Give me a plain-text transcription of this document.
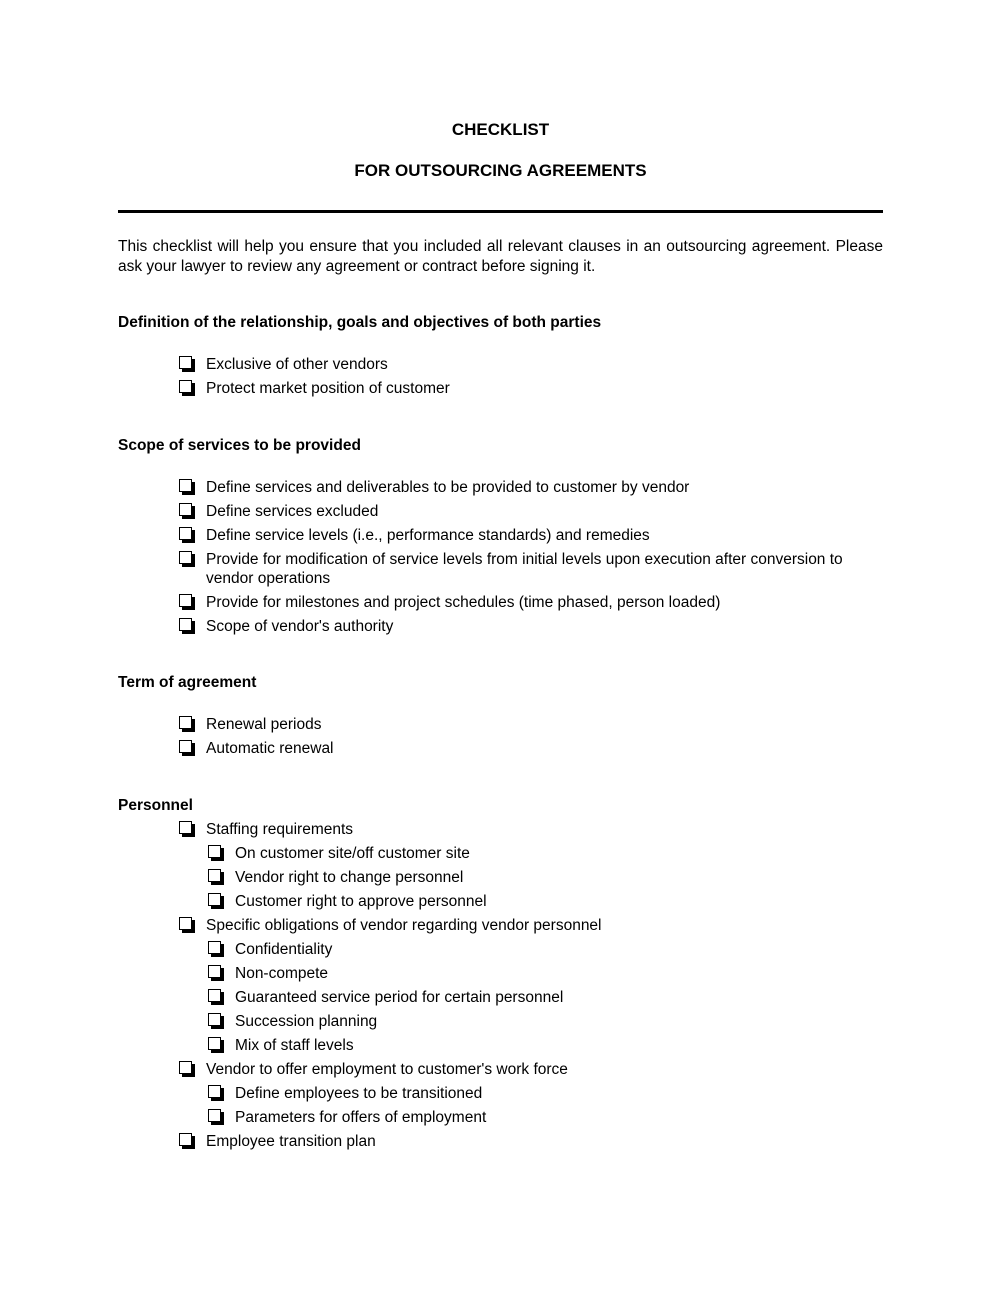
CHECKLIST
FOR OUTSOURCING AGREEMENTS
This checklist will help you ensure that you included all relevant clauses in an outsourcing agreement. Please ask your lawyer to review any agreement or contract before signing it.
Definition of the relationship, goals and objectives of both parties
Exclusive of other vendors
Protect market position of customer
Scope of services to be provided
Define services and deliverables to be provided to customer by vendor
Define services excluded
Define service levels (i.e., performance standards) and remedies
Provide for modification of service levels from initial levels upon execution after conversion to vendor operations
Provide for milestones and project schedules (time phased, person loaded)
Scope of vendor's authority
Term of agreement
Renewal periods
Automatic renewal
Personnel
Staffing requirements
On customer site/off customer site
Vendor right to change personnel
Customer right to approve personnel
Specific obligations of vendor regarding vendor personnel
Confidentiality
Non-compete
Guaranteed service period for certain personnel
Succession planning
Mix of staff levels
Vendor to offer employment to customer's work force
Define employees to be transitioned
Parameters for offers of employment
Employee transition plan
